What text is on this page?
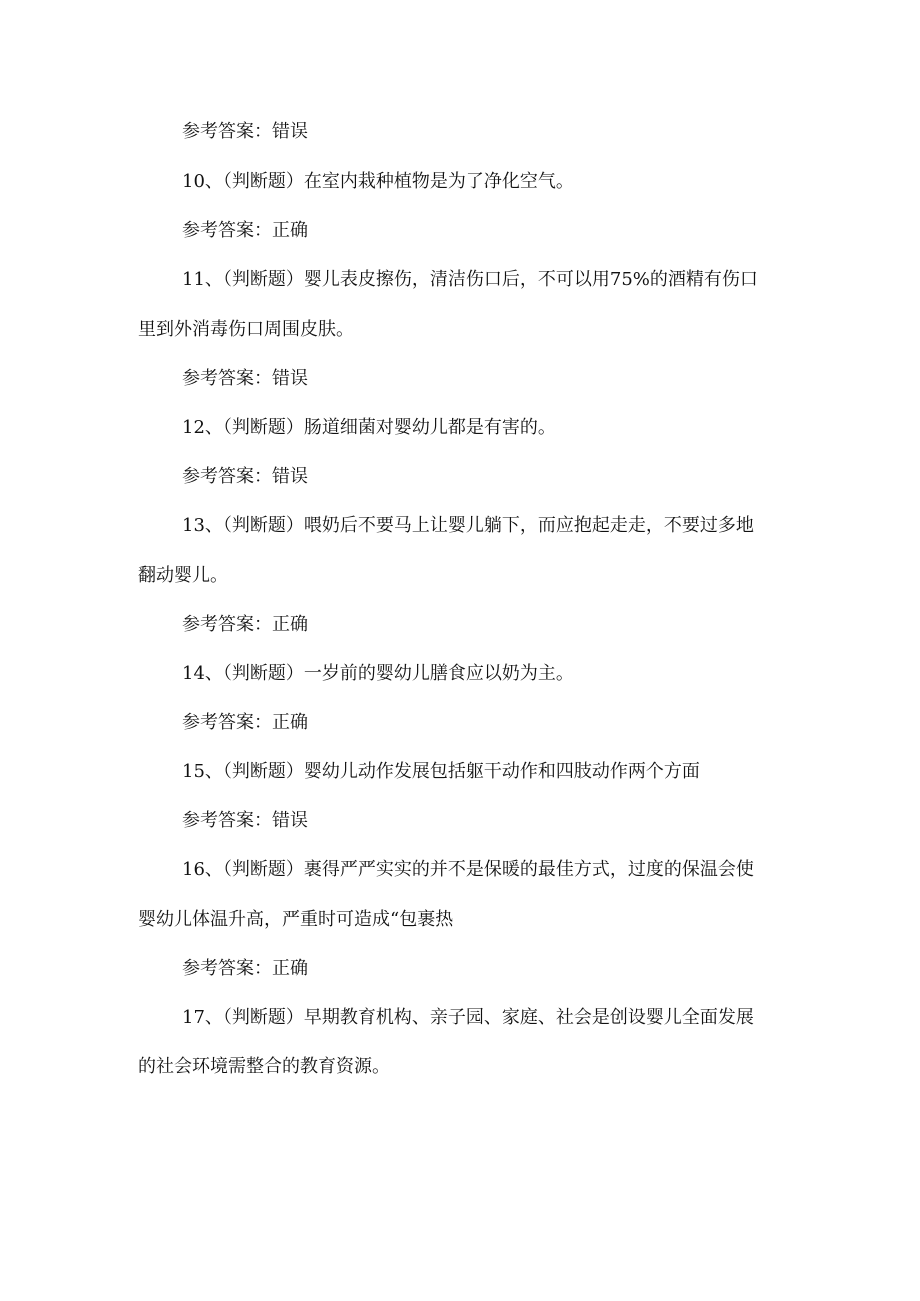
参考答案：错误
10、（判断题）在室内栽种植物是为了净化空气。
参考答案：正确
11、（判断题）婴儿表皮擦伤，清洁伤口后，不可以用75%的酒精有伤口
里到外消毒伤口周围皮肤。
参考答案：错误
12、（判断题）肠道细菌对婴幼儿都是有害的。
参考答案：错误
13、（判断题）喂奶后不要马上让婴儿躺下，而应抱起走走，不要过多地
翻动婴儿。
参考答案：正确
14、（判断题）一岁前的婴幼儿膳食应以奶为主。
参考答案：正确
15、（判断题）婴幼儿动作发展包括躯干动作和四肢动作两个方面
参考答案：错误
16、（判断题）裹得严严实实的并不是保暖的最佳方式，过度的保温会使
婴幼儿体温升高，严重时可造成“包裹热
参考答案：正确
17、（判断题）早期教育机构、亲子园、家庭、社会是创设婴儿全面发展
的社会环境需整合的教育资源。
